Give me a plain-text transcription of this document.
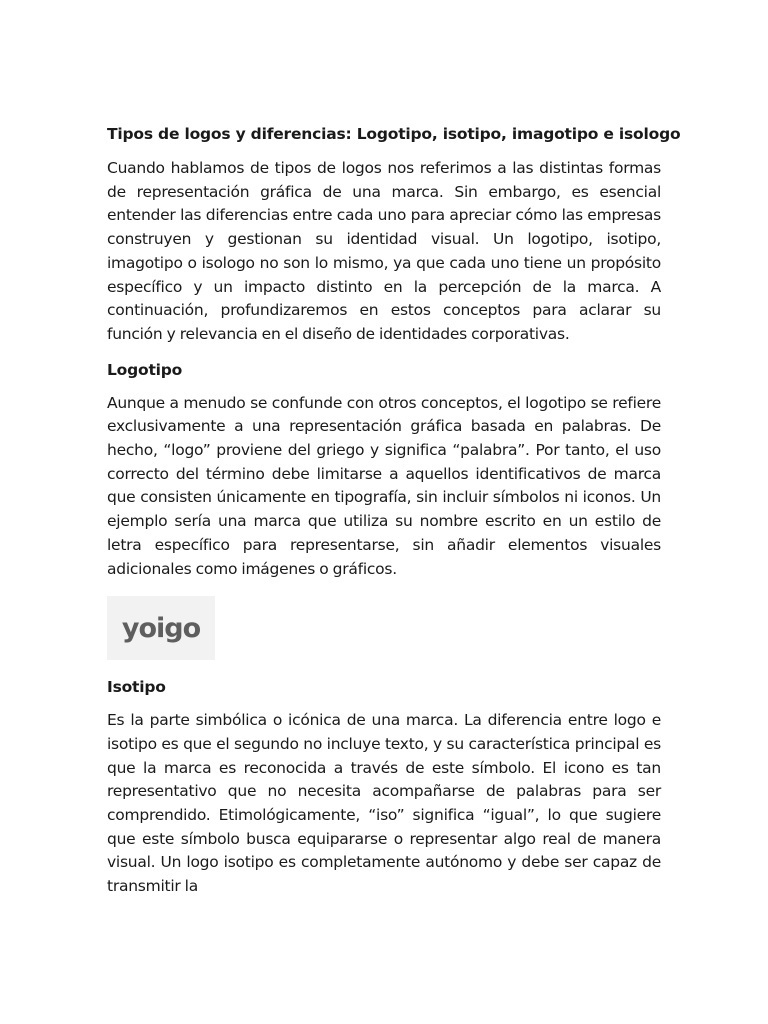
Tipos de logos y diferencias: Logotipo, isotipo, imagotipo e isologo

Cuando hablamos de tipos de logos nos referimos a las distintas formas de representación gráfica de una marca. Sin embargo, es esencial entender las diferencias entre cada uno para apreciar cómo las empresas construyen y gestionan su identidad visual. Un logotipo, isotipo, imagotipo o isologo no son lo mismo, ya que cada uno tiene un propósito específico y un impacto distinto en la percepción de la marca. A continuación, profundizaremos en estos conceptos para aclarar su función y relevancia en el diseño de identidades corporativas.

Logotipo

Aunque a menudo se confunde con otros conceptos, el logotipo se refiere exclusivamente a una representación gráfica basada en palabras. De hecho, “logo” proviene del griego y significa “palabra”. Por tanto, el uso correcto del término debe limitarse a aquellos identificativos de marca que consisten únicamente en tipografía, sin incluir símbolos ni iconos. Un ejemplo sería una marca que utiliza su nombre escrito en un estilo de letra específico para representarse, sin añadir elementos visuales adicionales como imágenes o gráficos.

yoigo
Isotipo

Es la parte simbólica o icónica de una marca. La diferencia entre logo e isotipo es que el segundo no incluye texto, y su característica principal es que la marca es reconocida a través de este símbolo. El icono es tan representativo que no necesita acompañarse de palabras para ser comprendido. Etimológicamente, “iso” significa “igual”, lo que sugiere que este símbolo busca equipararse o representar algo real de manera visual. Un logo isotipo es completamente autónomo y debe ser capaz de transmitir la
